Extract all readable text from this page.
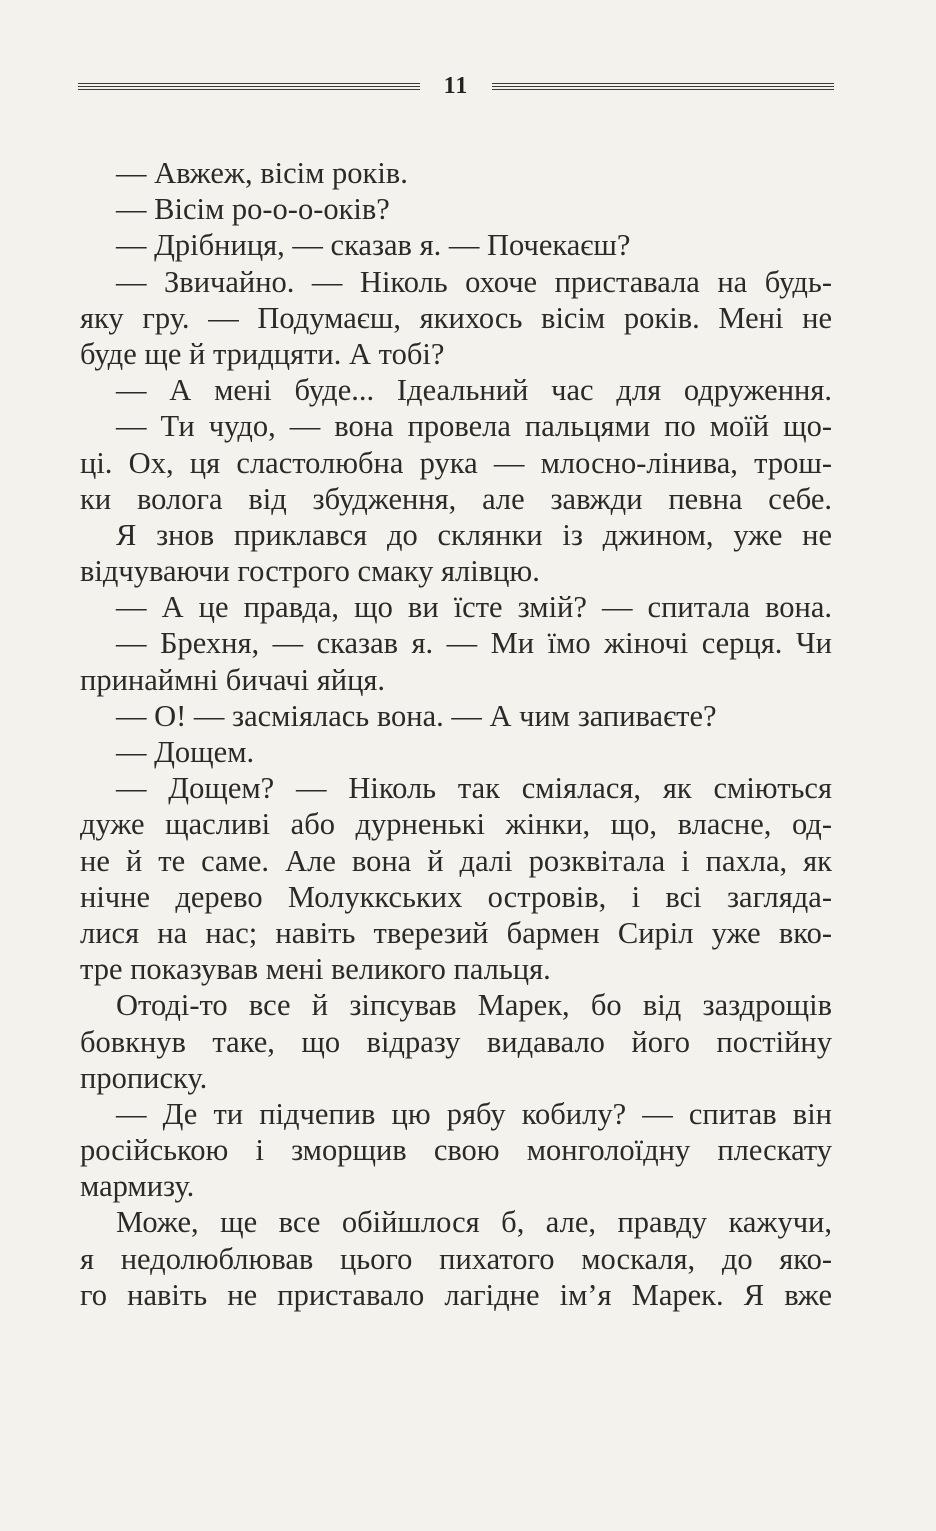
11
— Авжеж, вісім років.
— Вісім ро-о-о-оків?
— Дрібниця, — сказав я. — Почекаєш?
— Звичайно. — Ніколь охоче приставала на будь-
яку гру. — Подумаєш, якихось вісім років. Мені не
буде ще й тридцяти. А тобі?
— А мені буде... Ідеальний час для одруження.
— Ти чудо, — вона провела пальцями по моїй що-
ці. Ох, ця сластолюбна рука — млосно-лінива, трош-
ки волога від збудження, але завжди певна себе.
Я знов приклався до склянки із джином, уже не
відчуваючи гострого смаку ялівцю.
— А це правда, що ви їсте змій? — спитала вона.
— Брехня, — сказав я. — Ми їмо жіночі серця. Чи
принаймні бичачі яйця.
— О! — засміялась вона. — А чим запиваєте?
— Дощем.
— Дощем? — Ніколь так сміялася, як сміються
дуже щасливі або дурненькі жінки, що, власне, од-
не й те саме. Але вона й далі розквітала і пахла, як
нічне дерево Молуккських островів, і всі загляда-
лися на нас; навіть тверезий бармен Сиріл уже вко-
тре показував мені великого пальця.
Отоді-то все й зіпсував Марек, бо від заздрощів
бовкнув таке, що відразу видавало його постійну
прописку.
— Де ти підчепив цю рябу кобилу? — спитав він
російською і зморщив свою монголоїдну плескату
мармизу.
Може, ще все обійшлося б, але, правду кажучи,
я недолюблював цього пихатого москаля, до яко-
го навіть не приставало лагідне ім’я Марек. Я вже
